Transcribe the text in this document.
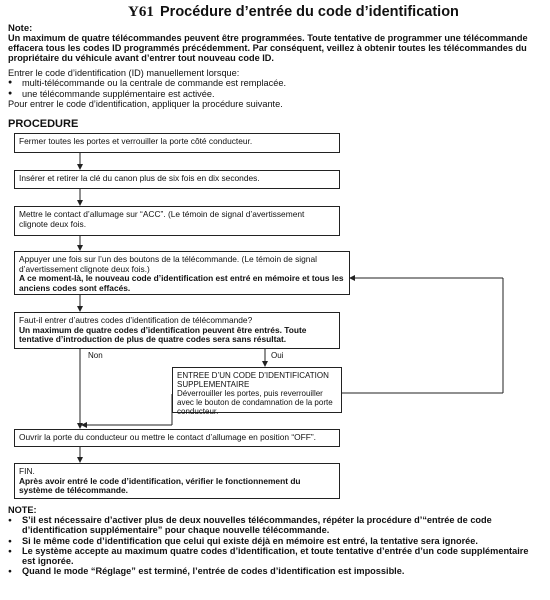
Y61 Procédure d’entrée du code d’identification
Note:
Un maximum de quatre télécommandes peuvent être programmées. Toute tentative de programmer une télécommande effacera tous les codes ID programmés précédemment. Par conséquent, veillez à obtenir toutes les télécommandes du propriétaire du véhicule avant d’entrer tout nouveau code ID.
Entrer le code d’identification (ID) manuellement lorsque:
● multi-télécommande ou la centrale de commande est remplacée.
● une télécommande supplémentaire est activée.
Pour entrer le code d’identification, appliquer la procédure suivante.
PROCEDURE
Fermer toutes les portes et verrouiller la porte côté conducteur.
Insérer et retirer la clé du canon plus de six fois en dix secondes.
Mettre le contact d’allumage sur “ACC”. (Le témoin de signal d’avertissement clignote deux fois.
Appuyer une fois sur l’un des boutons de la télécommande. (Le témoin de signal d’avertissement clignote deux fois.)
A ce moment-là, le nouveau code d’identification est entré en mémoire et tous les anciens codes sont effacés.
Faut-il entrer d’autres codes d’identification de télécommande?
Un maximum de quatre codes d’identification peuvent être entrés. Toute tentative d’introduction de plus de quatre codes sera sans résultat.
Non	Oui
ENTREE D’UN CODE D’IDENTIFICATION SUPPLEMENTAIRE
Déverrouiller les portes, puis reverrouiller avec le bouton de condamnation de la porte conducteur.
Ouvrir la porte du conducteur ou mettre le contact d’allumage en position “OFF”.
FIN.
Après avoir entré le code d’identification, vérifier le fonctionnement du système de télécommande.
NOTE:
● S’il est nécessaire d’activer plus de deux nouvelles télécommandes, répéter la procédure d’“entrée de code d’identification supplémentaire” pour chaque nouvelle télécommande.
● Si le même code d’identification que celui qui existe déjà en mémoire est entré, la tentative sera ignorée.
● Le système accepte au maximum quatre codes d’identification, et toute tentative d’entrée d’un code supplémentaire est ignorée.
● Quand le mode “Réglage” est terminé, l’entrée de codes d’identification est impossible.
